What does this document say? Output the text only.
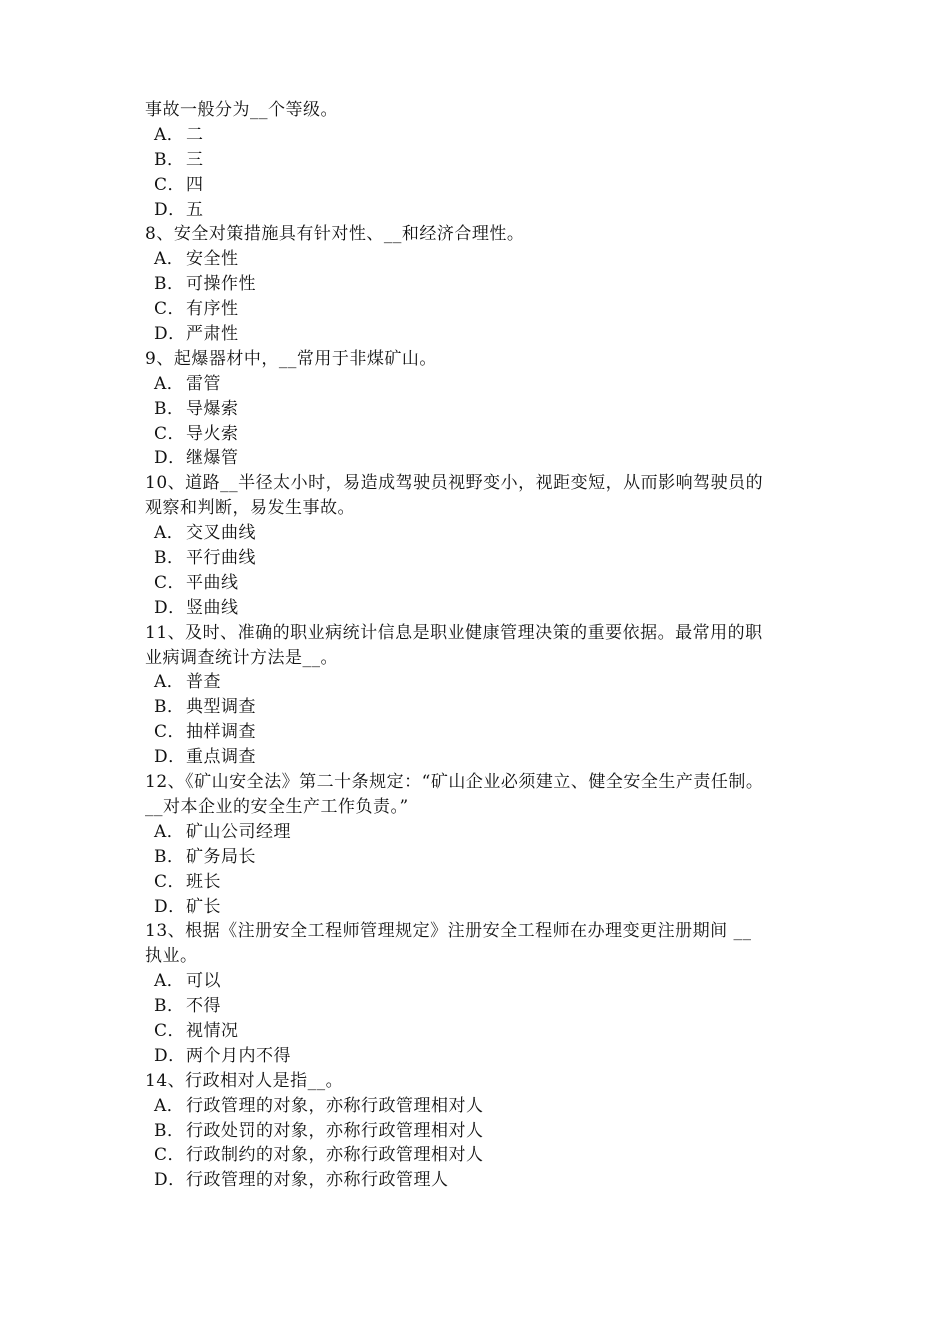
事故一般分为__个等级。
A． 二
B．三
C．四
D．五
8、安全对策措施具有针对性、__和经济合理性。
A． 安全性
B．可操作性
C．有序性
D．严肃性
9、起爆器材中，__常用于非煤矿山。
A． 雷管
B．导爆索
C．导火索
D．继爆管
10、道路__半径太小时，易造成驾驶员视野变小，视距变短，从而影响驾驶员的
观察和判断，易发生事故。
A． 交叉曲线
B．平行曲线
C．平曲线
D．竖曲线
11、及时、准确的职业病统计信息是职业健康管理决策的重要依据。最常用的职
业病调查统计方法是__。
A． 普查
B．典型调查
C．抽样调查
D．重点调查
12、《矿山安全法》第二十条规定：“矿山企业必须建立、健全安全生产责任制。
__对本企业的安全生产工作负责。”
A． 矿山公司经理
B．矿务局长
C．班长
D．矿长
13、根据《注册安全工程师管理规定》注册安全工程师在办理变更注册期间 __
执业。
A． 可以
B．不得
C．视情况
D．两个月内不得
14、行政相对人是指__。
A． 行政管理的对象，亦称行政管理相对人
B．行政处罚的对象，亦称行政管理相对人
C．行政制约的对象，亦称行政管理相对人
D．行政管理的对象，亦称行政管理人
